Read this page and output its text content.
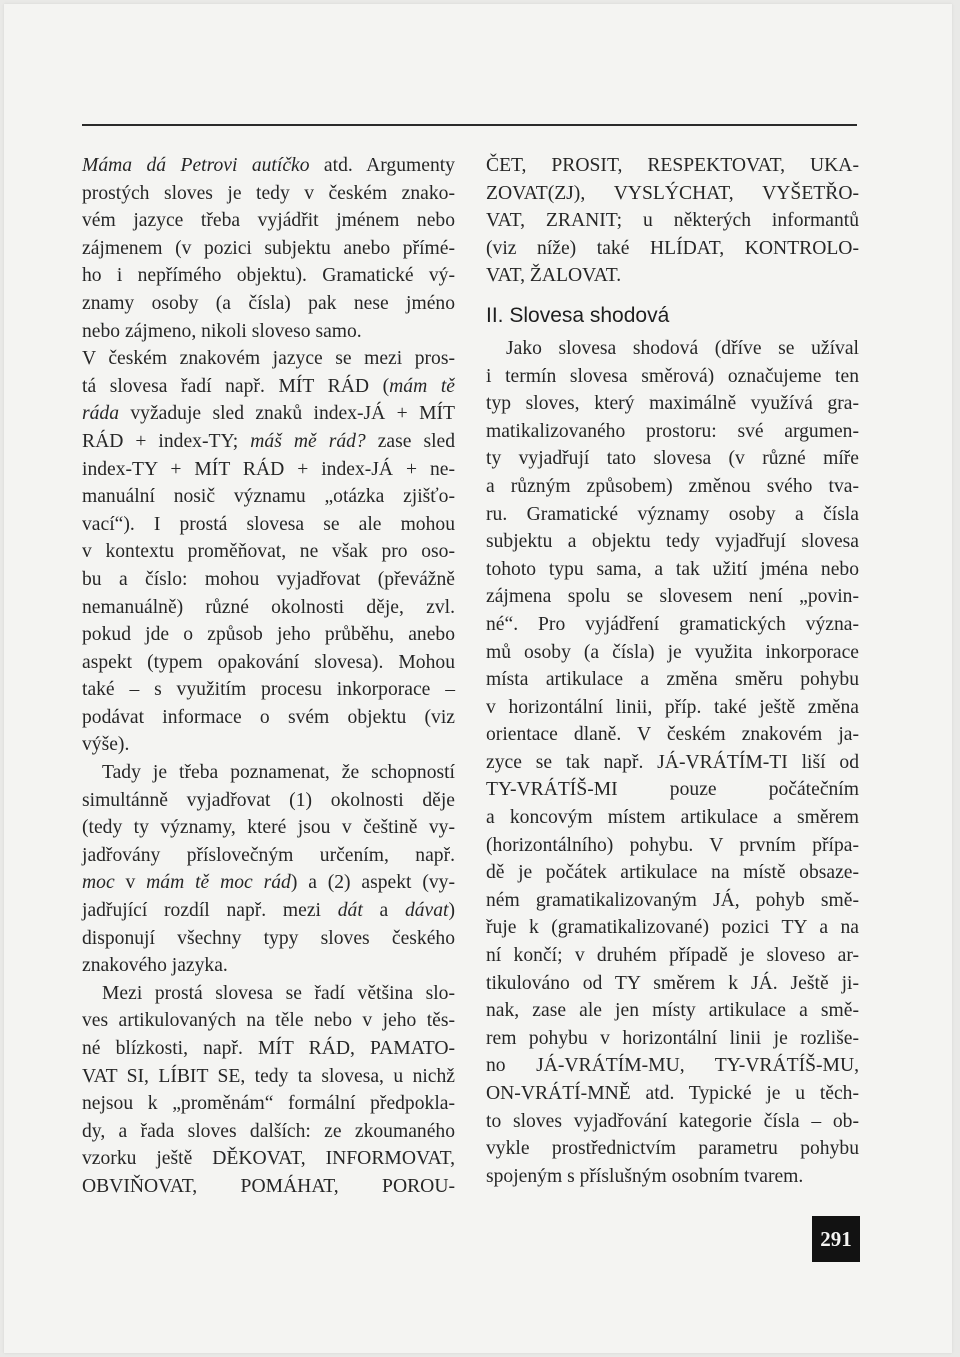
Máma dá Petrovi autíčko atd. Argumenty
prostých sloves je tedy v českém znako-
vém jazyce třeba vyjádřit jménem nebo
zájmenem (v pozici subjektu anebo přímé-
ho i nepřímého objektu). Gramatické vý-
znamy osoby (a čísla) pak nese jméno
nebo zájmeno, nikoli sloveso samo.
V českém znakovém jazyce se mezi pros-
tá slovesa řadí např. MÍT RÁD (mám tě
ráda vyžaduje sled znaků index-JÁ + MÍT
RÁD + index-TY; máš mě rád? zase sled
index-TY + MÍT RÁD + index-JÁ + ne-
manuální nosič významu „otázka zjišťo-
vací“). I prostá slovesa se ale mohou
v kontextu proměňovat, ne však pro oso-
bu a číslo: mohou vyjadřovat (převážně
nemanuálně) různé okolnosti děje, zvl.
pokud jde o způsob jeho průběhu, anebo
aspekt (typem opakování slovesa). Mohou
také – s využitím procesu inkorporace –
podávat informace o svém objektu (viz
výše).
Tady je třeba poznamenat, že schopností
simultánně vyjadřovat (1) okolnosti děje
(tedy ty významy, které jsou v češtině vy-
jadřovány příslovečným určením, např.
moc v mám tě moc rád) a (2) aspekt (vy-
jadřující rozdíl např. mezi dát a dávat)
disponují všechny typy sloves českého
znakového jazyka.
Mezi prostá slovesa se řadí většina slo-
ves artikulovaných na těle nebo v jeho těs-
né blízkosti, např. MÍT RÁD, PAMATO-
VAT SI, LÍBIT SE, tedy ta slovesa, u nichž
nejsou k „proměnám“ formální předpokla-
dy, a řada sloves dalších: ze zkoumaného
vzorku ještě DĚKOVAT, INFORMOVAT,
OBVIŇOVAT, POMÁHAT, POROU-
ČET, PROSIT, RESPEKTOVAT, UKA-
ZOVAT(ZJ), VYSLÝCHAT, VYŠETŘO-
VAT, ZRANIT; u některých informantů
(viz níže) také HLÍDAT, KONTROLO-
VAT, ŽALOVAT.
II. Slovesa shodová
Jako slovesa shodová (dříve se užíval
i termín slovesa směrová) označujeme ten
typ sloves, který maximálně využívá gra-
matikalizovaného prostoru: své argumen-
ty vyjadřují tato slovesa (v různé míře
a různým způsobem) změnou svého tva-
ru. Gramatické významy osoby a čísla
subjektu a objektu tedy vyjadřují slovesa
tohoto typu sama, a tak užití jména nebo
zájmena spolu se slovesem není „povin-
né“. Pro vyjádření gramatických význa-
mů osoby (a čísla) je využita inkorporace
místa artikulace a změna směru pohybu
v horizontální linii, příp. také ještě změna
orientace dlaně. V českém znakovém ja-
zyce se tak např. JÁ-VRÁTÍM-TI liší od
TY-VRÁTÍŠ-MI pouze počátečním
a koncovým místem artikulace a směrem
(horizontálního) pohybu. V prvním přípa-
dě je počátek artikulace na místě obsaze-
ném gramatikalizovaným JÁ, pohyb smě-
řuje k (gramatikalizované) pozici TY a na
ní končí; v druhém případě je sloveso ar-
tikulováno od TY směrem k JÁ. Ještě ji-
nak, zase ale jen místy artikulace a smě-
rem pohybu v horizontální linii je rozliše-
no JÁ-VRÁTÍM-MU, TY-VRÁTÍŠ-MU,
ON-VRÁTÍ-MNĚ atd. Typické je u těch-
to sloves vyjadřování kategorie čísla – ob-
vykle prostřednictvím parametru pohybu
spojeným s příslušným osobním tvarem.
291
